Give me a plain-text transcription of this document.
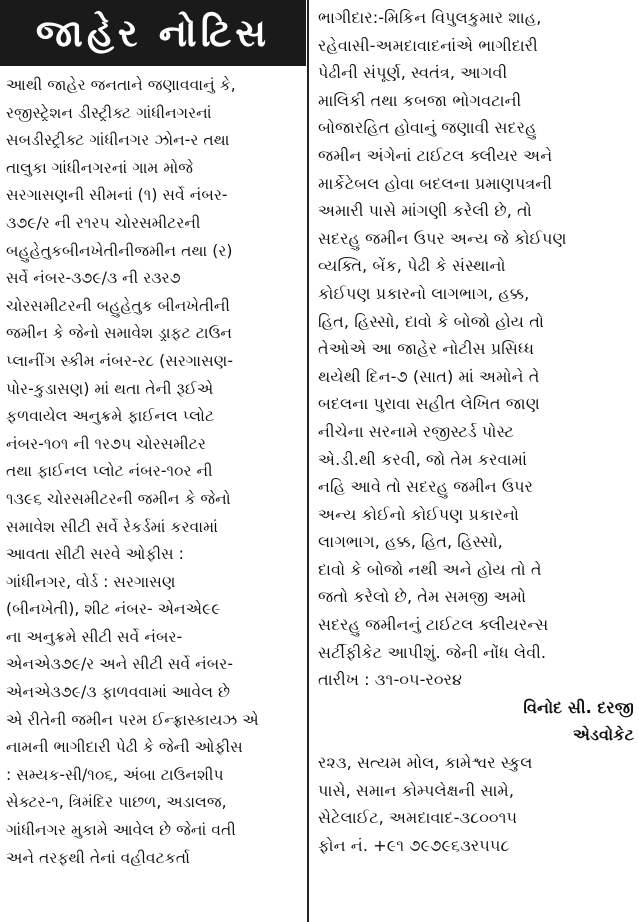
જાહેર નોટિસ
આથી જાહેર જનતાને જણાવવાનું કે,
રજીસ્ટ્રેશન ડીસ્ટ્રીક્ટ ગાંધીનગરનાં
સબડીસ્ટ્રીક્ટ ગાંધીનગર ઝોન-ર તથા
તાલુકા ગાંધીનગરનાં ગામ મોજે
સરગાસણની સીમનાં (૧) સર્વે નંબર-
૩૭૯/ર ની ર૧ર૫ ચોરસમીટરની
બહુહેતુકબીનખેતીનીજમીન તથા (ર)
સર્વે નંબર-૩૭૯/૩ ની ર૩ર૭
ચોરસમીટરની બહુહેતુક બીનખેતીની
જમીન કે જેનો સમાવેશ ડ્રાફટ ટાઉન
પ્લાનીંગ સ્કીમ નંબર-ર૮ (સરગાસણ-
પોર-કુડાસણ) માં થતા તેની રૂઈએ
ફળવાયેલ અનુક્રમે ફાઈનલ પ્લોટ
નંબર-૧૦૧ ની ૧ર૭૫ ચોરસમીટર
તથા ફાઈનલ પ્લોટ નંબર-૧૦ર ની
૧૩૯૬ ચોરસમીટરની જમીન કે જેનો
સમાવેશ સીટી સર્વે રેકર્ડમાં કરવામાં
આવતા સીટી સરવે ઓફીસ :
ગાંધીનગર, વોર્ડ : સરગાસણ
(બીનખેતી), શીટ નંબર- એનએ૯૯
ના અનુક્રમે સીટી સર્વે નંબર-
એનએ૩૭૯/ર અને સીટી સર્વે નંબર-
એનએ૩૭૯/૩ ફાળવવામાં આવેલ છે
એ રીતેની જમીન પરમ ઈન્ફ્રાસ્કાયઝ એ
નામની ભાગીદારી પેઢી કે જેની ઓફીસ
: સમ્યક-સી/૧૦૬, અંબા ટાઉનશીપ
સેક્ટર-૧, ત્રિમંદિર પાછળ, અડાલજ,
ગાંધીનગર મુકામે આવેલ છે જેનાં વતી
અને તરફથી તેનાં વહીવટકર્તા
ભાગીદાર:-મિકિન વિપુલકુમાર શાહ,
રહેવાસી-અમદાવાદનાંએ ભાગીદારી
પેઢીની સંપૂર્ણ, સ્વતંત્ર, આગવી
માલિકી તથા કબજા ભોગવટાની
બોજારહિત હોવાનું જણાવી સદરહુ
જમીન અંગેનાં ટાઈટલ ક્લીયર અને
માર્કેટેબલ હોવા બદલના પ્રમાણપત્રની
અમારી પાસે માંગણી કરેલી છે, તો
સદરહુ જમીન ઉપર અન્ય જે કોઈપણ
વ્યક્તિ, બેંક, પેઢી કે સંસ્થાનો
કોઈપણ પ્રકારનો લાગભાગ, હક્ક,
હિત, હિસ્સો, દાવો કે બોજો હોય તો
તેઓએ આ જાહેર નોટીસ પ્રસિધ્ધ
થયેથી દિન-૭ (સાત) માં અમોને તે
બદલના પુરાવા સહીત લેખિત જાણ
નીચેના સરનામે રજીસ્ટર્ડ પોસ્ટ
એ.ડી.થી કરવી, જો તેમ કરવામાં
નહિ આવે તો સદરહુ જમીન ઉપર
અન્ય કોઈનો કોઈપણ પ્રકારનો
લાગભાગ, હક્ક, હિત, હિસ્સો,
દાવો કે બોજો નથી અને હોય તો તે
જતો કરેલો છે, તેમ સમજી અમો
સદરહુ જમીનનું ટાઈટલ ક્લીયરન્સ
સર્ટીફીકેટ આપીશું. જેની નોંધ લેવી.
તારીખ : ૩૧-૦૫-ર૦ર૪
વિનોદ સી. દરજી
એડવોકેટ
ર૨૩, સત્યમ મોલ, કામેશ્વર સ્કુલ
પાસે, સમાન કોમ્પલેક્ષની સામે,
સેટેલાઈટ, અમદાવાદ-૩૮૦૦૧૫
ફોન નં. +૯૧ ૭૯૭૯૬૩ર૫૫૮
